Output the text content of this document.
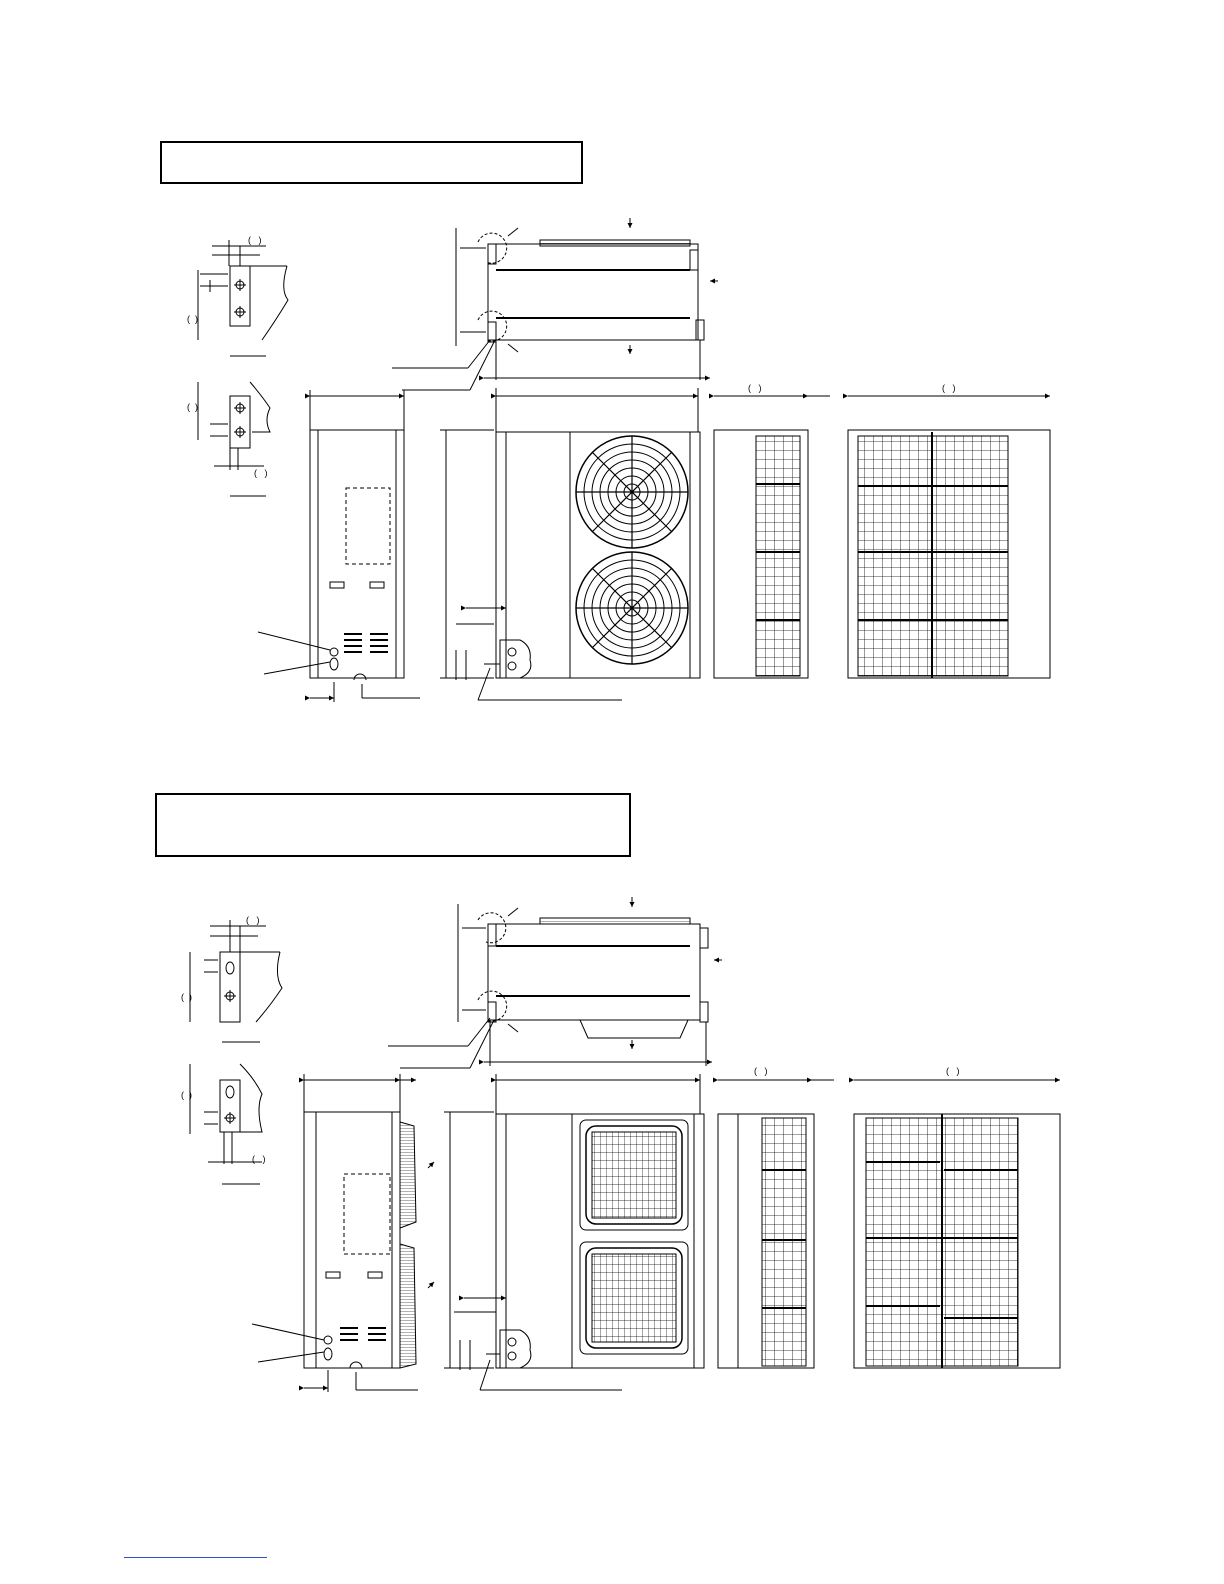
(   )
(  )
(   )
(  )
(   )	(   )
(   )
(  )
(   )
(  )
(   )	(   )
